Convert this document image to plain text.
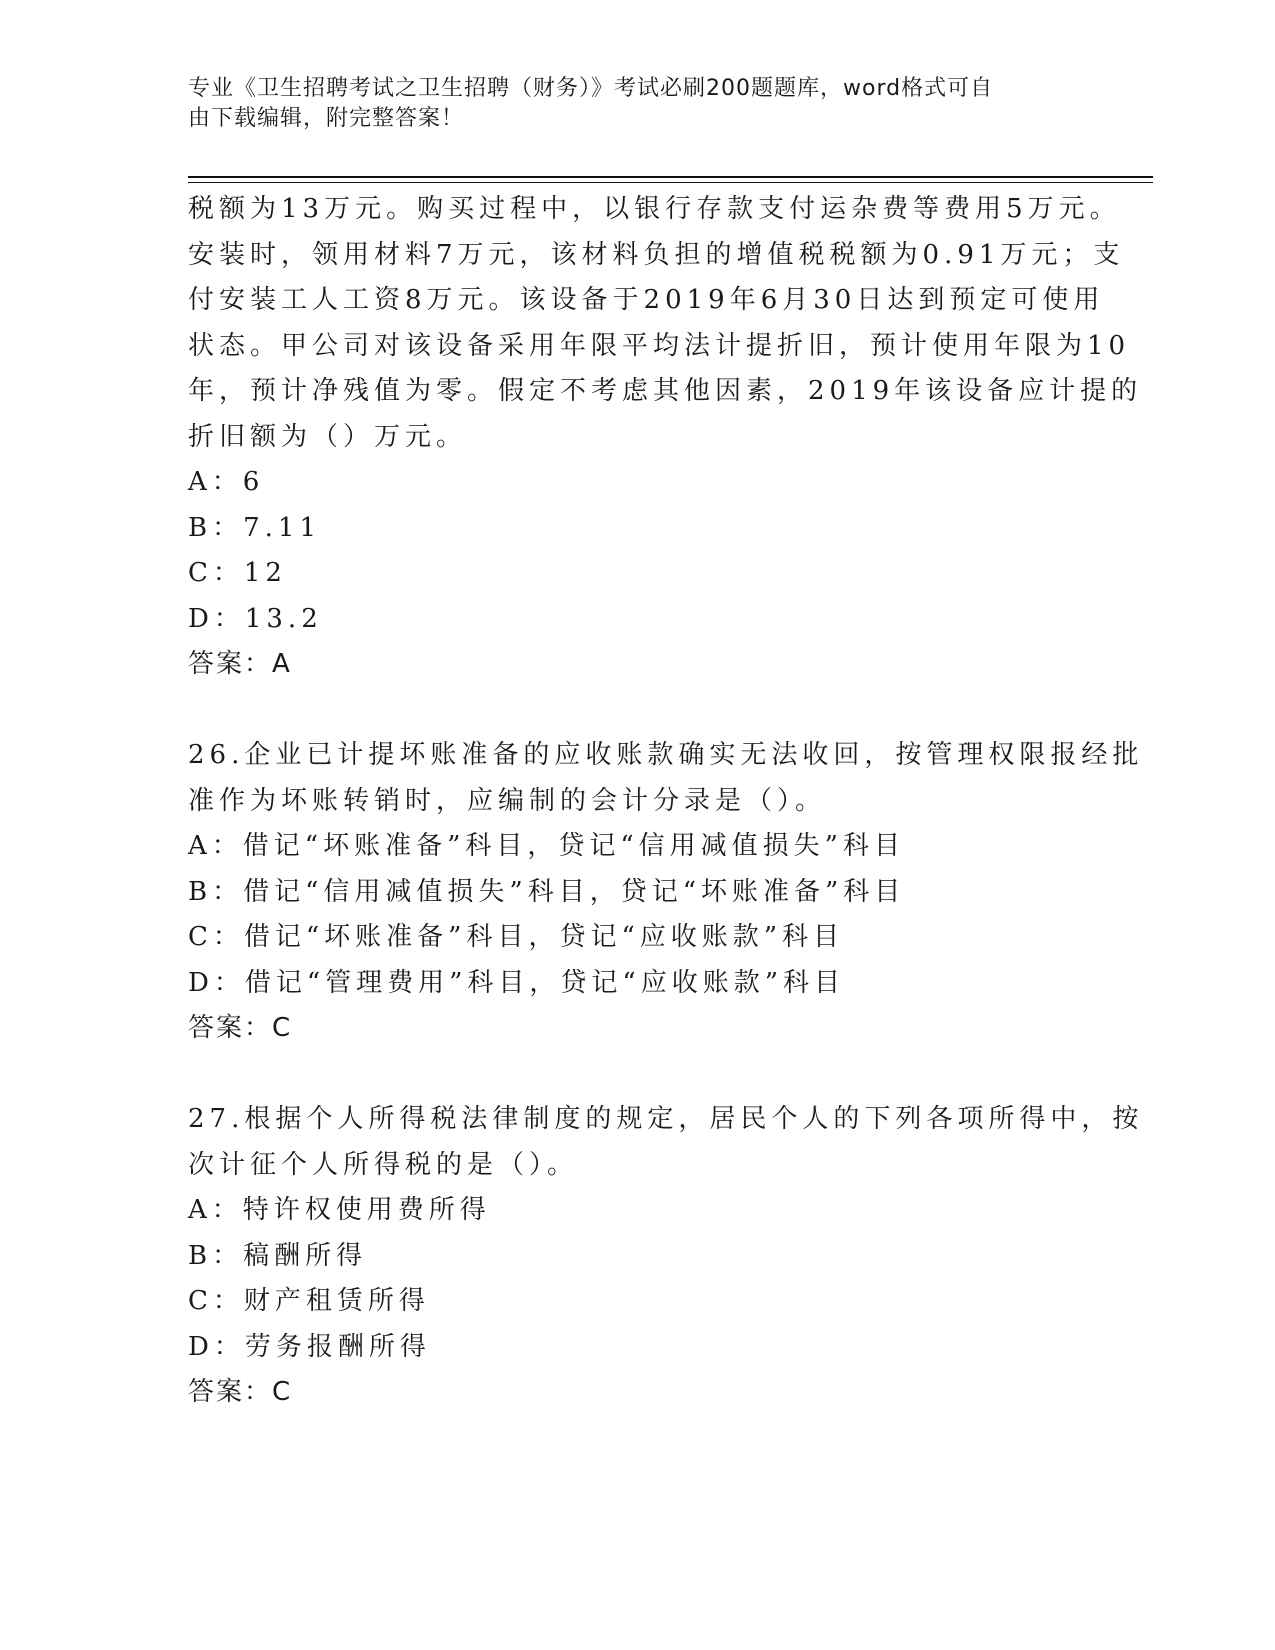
专业《卫生招聘考试之卫生招聘（财务）》考试必刷200题题库，word格式可自
由下载编辑，附完整答案！
税额为13万元。购买过程中，以银行存款支付运杂费等费用5万元。
安装时，领用材料7万元，该材料负担的增值税税额为0.91万元；支
付安装工人工资8万元。该设备于2019年6月30日达到预定可使用
状态。甲公司对该设备采用年限平均法计提折旧，预计使用年限为10
年，预计净残值为零。假定不考虑其他因素，2019年该设备应计提的
折旧额为（）万元。
A：6
B：7.11
C：12
D：13.2
答案：A
26.企业已计提坏账准备的应收账款确实无法收回，按管理权限报经批
准作为坏账转销时，应编制的会计分录是（）。
A：借记“坏账准备”科目，贷记“信用减值损失”科目
B：借记“信用减值损失”科目，贷记“坏账准备”科目
C：借记“坏账准备”科目，贷记“应收账款”科目
D：借记“管理费用”科目，贷记“应收账款”科目
答案：C
27.根据个人所得税法律制度的规定，居民个人的下列各项所得中，按
次计征个人所得税的是（）。
A：特许权使用费所得
B：稿酬所得
C：财产租赁所得
D：劳务报酬所得
答案：C
